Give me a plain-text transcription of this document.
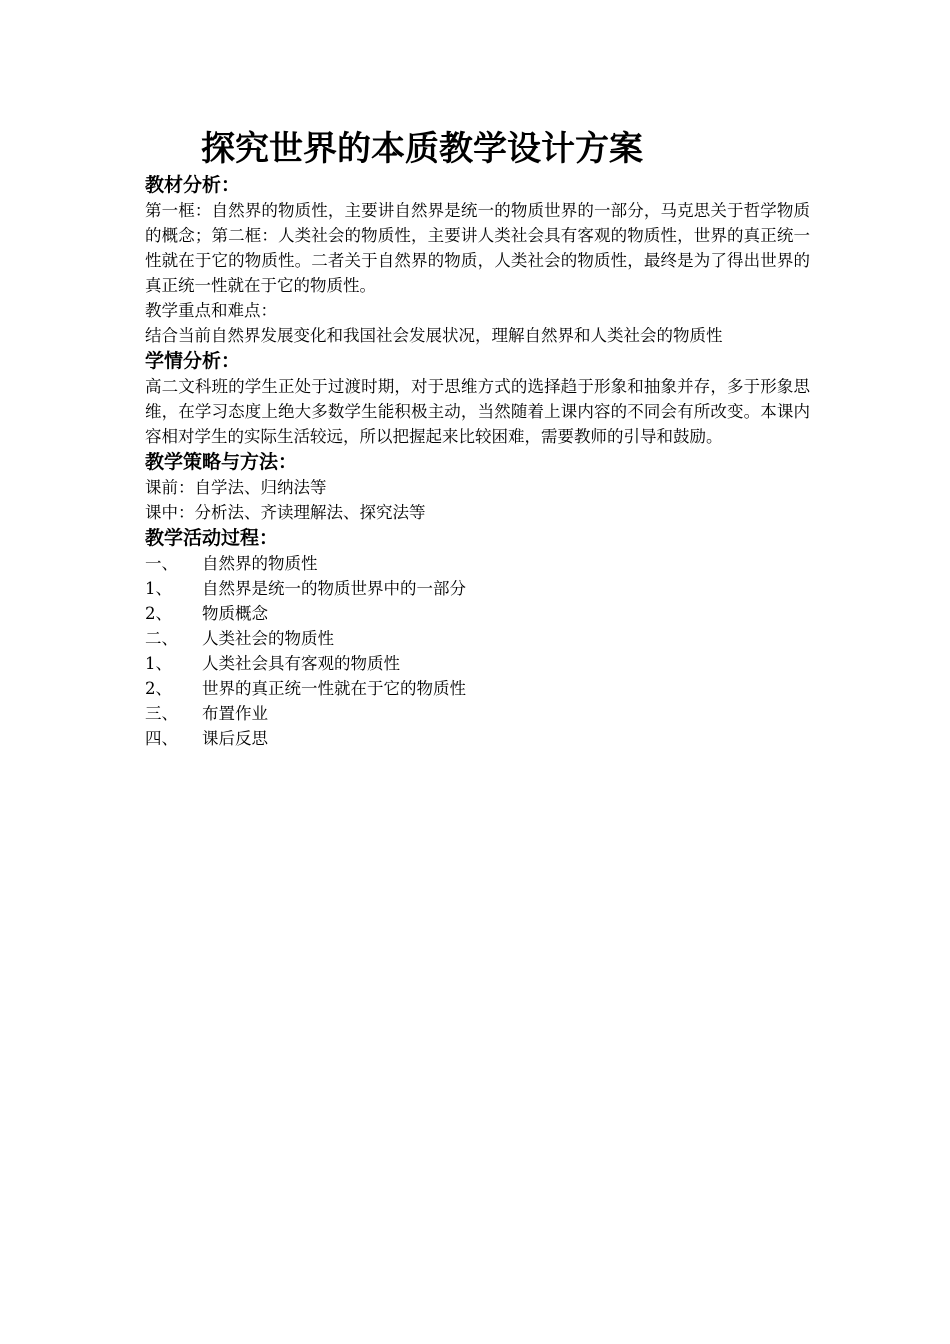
探究世界的本质教学设计方案
教材分析：

第一框：自然界的物质性，主要讲自然界是统一的物质世界的一部分，马克思关于哲学物质的概念；第二框：人类社会的物质性，主要讲人类社会具有客观的物质性，世界的真正统一性就在于它的物质性。二者关于自然界的物质，人类社会的物质性，最终是为了得出世界的真正统一性就在于它的物质性。

教学重点和难点：

结合当前自然界发展变化和我国社会发展状况，理解自然界和人类社会的物质性

学情分析：

高二文科班的学生正处于过渡时期，对于思维方式的选择趋于形象和抽象并存，多于形象思维，在学习态度上绝大多数学生能积极主动，当然随着上课内容的不同会有所改变。本课内容相对学生的实际生活较远，所以把握起来比较困难，需要教师的引导和鼓励。

教学策略与方法：

课前：自学法、归纳法等

课中：分析法、齐读理解法、探究法等

教学活动过程：
一、	自然界的物质性
1、	自然界是统一的物质世界中的一部分
2、	物质概念
二、	人类社会的物质性
1、	人类社会具有客观的物质性
2、	世界的真正统一性就在于它的物质性
三、	布置作业
四、	课后反思
